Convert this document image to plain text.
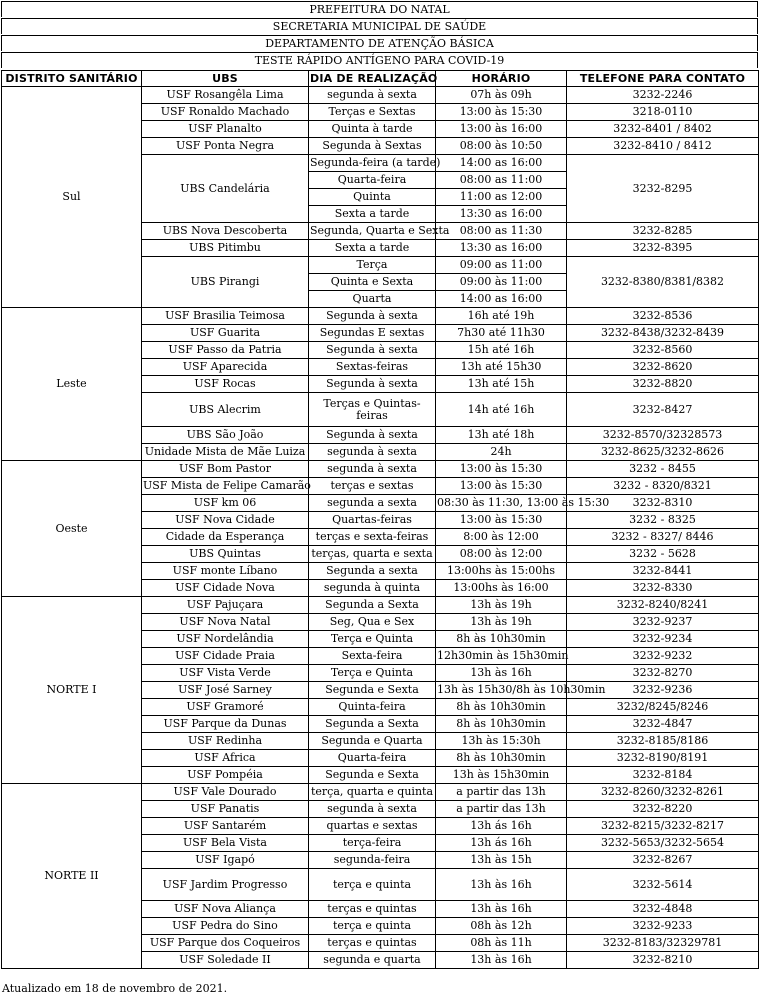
PREFEITURA DO NATAL
SECRETARIA MUNICIPAL DE SAÚDE
DEPARTAMENTO DE ATENÇÃO BÁSICA
TESTE RÁPIDO ANTÍGENO PARA COVID-19
DISTRITO SANITÁRIO	UBS	DIA DE REALIZAÇÃO	HORÁRIO	TELEFONE PARA CONTATO
Sul	USF Rosangêla Lima	segunda à sexta	07h às 09h	3232-2246
	USF Ronaldo Machado	Terças e Sextas	13:00 às 15:30	3218-0110
	USF Planalto	Quinta à tarde	13:00 às 16:00	3232-8401 / 8402
	USF Ponta Negra	Segunda à Sextas	08:00 às 10:50	3232-8410 / 8412
	UBS Candelária	Segunda-feira (a tarde)	14:00 as 16:00	3232-8295
		Quarta-feira	08:00 as 11:00	
		Quinta	11:00 as 12:00	
		Sexta a tarde	13:30 as 16:00	
	UBS Nova Descoberta	Segunda, Quarta e Sexta	08:00 as 11:30	3232-8285
	UBS Pitimbu	Sexta a tarde	13:30 as 16:00	3232-8395
	UBS Pirangi	Terça	09:00 as 11:00	3232-8380/8381/8382
		Quinta e Sexta	09:00 às 11:00	
		Quarta	14:00 as 16:00	
Leste	USF Brasilia Teimosa	Segunda à sexta	16h até 19h	3232-8536
	USF Guarita	Segundas E sextas	7h30 até 11h30	3232-8438/3232-8439
	USF Passo da Patria	Segunda à sexta	15h até 16h	3232-8560
	USF Aparecida	Sextas-feiras	13h até 15h30	3232-8620
	USF Rocas	Segunda à sexta	13h até 15h	3232-8820
	UBS Alecrim	Terças e Quintas-feiras	14h até 16h	3232-8427
	UBS São João	Segunda à sexta	13h até 18h	3232-8570/32328573
	Unidade Mista de Mãe Luiza	segunda à sexta	24h	3232-8625/3232-8626
Oeste	USF Bom Pastor	segunda à sexta	13:00 às 15:30	3232 - 8455
	USF Mista de Felipe Camarão	terças e sextas	13:00 às 15:30	3232 - 8320/8321
	USF km 06	segunda a sexta	08:30 às 11:30, 13:00 às 15:30	3232-8310
	USF Nova Cidade	Quartas-feiras	13:00 às 15:30	3232 - 8325
	Cidade da Esperança	terças e sexta-feiras	8:00 às 12:00	3232 - 8327/ 8446
	UBS Quintas	terças, quarta e sexta	08:00 às 12:00	3232 - 5628
	USF monte Líbano	Segunda a sexta	13:00hs às 15:00hs	3232-8441
	USF Cidade Nova	segunda à quinta	13:00hs às 16:00	3232-8330
NORTE I	USF Pajuçara	Segunda a Sexta	13h às 19h	3232-8240/8241
	USF Nova Natal	Seg, Qua e Sex	13h às 19h	3232-9237
	USF Nordelândia	Terça e Quinta	8h às 10h30min	3232-9234
	USF Cidade Praia	Sexta-feira	12h30min às 15h30min	3232-9232
	USF Vista Verde	Terça e Quinta	13h às 16h	3232-8270
	USF José Sarney	Segunda e Sexta	13h às 15h30/8h às 10h30min	3232-9236
	USF Gramoré	Quinta-feira	8h às 10h30min	3232/8245/8246
	USF Parque da Dunas	Segunda a Sexta	8h às 10h30min	3232-4847
	USF Redinha	Segunda e Quarta	13h às 15:30h	3232-8185/8186
	USF Africa	Quarta-feira	8h às 10h30min	3232-8190/8191
	USF Pompéia	Segunda e Sexta	13h às 15h30min	3232-8184
NORTE II	USF Vale Dourado	terça, quarta e quinta	a partir das 13h	3232-8260/3232-8261
	USF Panatis	segunda à sexta	a partir das 13h	3232-8220
	USF Santarém	quartas e sextas	13h ás 16h	3232-8215/3232-8217
	USF Bela Vista	terça-feira	13h ás 16h	3232-5653/3232-5654
	USF Igapó	segunda-feira	13h às 15h	3232-8267
	USF Jardim Progresso	terça e quinta	13h às 16h	3232-5614
	USF Nova Aliança	terças e quintas	13h às 16h	3232-4848
	USF Pedra do Sino	terça e quinta	08h às 12h	3232-9233
	USF Parque dos Coqueiros	terças e quintas	08h às 11h	3232-8183/32329781
	USF Soledade II	segunda e quarta	13h às 16h	3232-8210
Atualizado em 18 de novembro de 2021.
